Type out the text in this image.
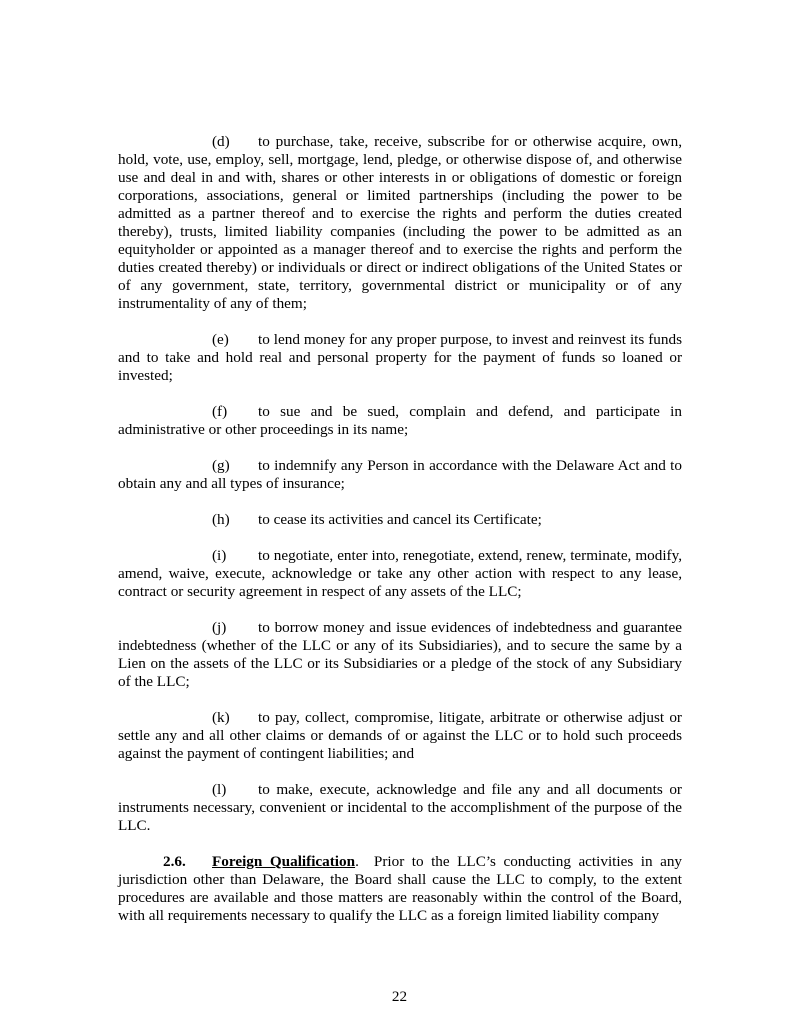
(d) to purchase, take, receive, subscribe for or otherwise acquire, own, hold, vote, use, employ, sell, mortgage, lend, pledge, or otherwise dispose of, and otherwise use and deal in and with, shares or other interests in or obligations of domestic or foreign corporations, associations, general or limited partnerships (including the power to be admitted as a partner thereof and to exercise the rights and perform the duties created thereby), trusts, limited liability companies (including the power to be admitted as an equityholder or appointed as a manager thereof and to exercise the rights and perform the duties created thereby) or individuals or direct or indirect obligations of the United States or of any government, state, territory, governmental district or municipality or of any instrumentality of any of them;

(e) to lend money for any proper purpose, to invest and reinvest its funds and to take and hold real and personal property for the payment of funds so loaned or invested;

(f) to sue and be sued, complain and defend, and participate in administrative or other proceedings in its name;

(g) to indemnify any Person in accordance with the Delaware Act and to obtain any and all types of insurance;

(h) to cease its activities and cancel its Certificate;

(i) to negotiate, enter into, renegotiate, extend, renew, terminate, modify, amend, waive, execute, acknowledge or take any other action with respect to any lease, contract or security agreement in respect of any assets of the LLC;

(j) to borrow money and issue evidences of indebtedness and guarantee indebtedness (whether of the LLC or any of its Subsidiaries), and to secure the same by a Lien on the assets of the LLC or its Subsidiaries or a pledge of the stock of any Subsidiary of the LLC;

(k) to pay, collect, compromise, litigate, arbitrate or otherwise adjust or settle any and all other claims or demands of or against the LLC or to hold such proceeds against the payment of contingent liabilities; and

(l) to make, execute, acknowledge and file any and all documents or instruments necessary, convenient or incidental to the accomplishment of the purpose of the LLC.

2.6. Foreign Qualification. Prior to the LLC’s conducting activities in any jurisdiction other than Delaware, the Board shall cause the LLC to comply, to the extent procedures are available and those matters are reasonably within the control of the Board, with all requirements necessary to qualify the LLC as a foreign limited liability company

22
